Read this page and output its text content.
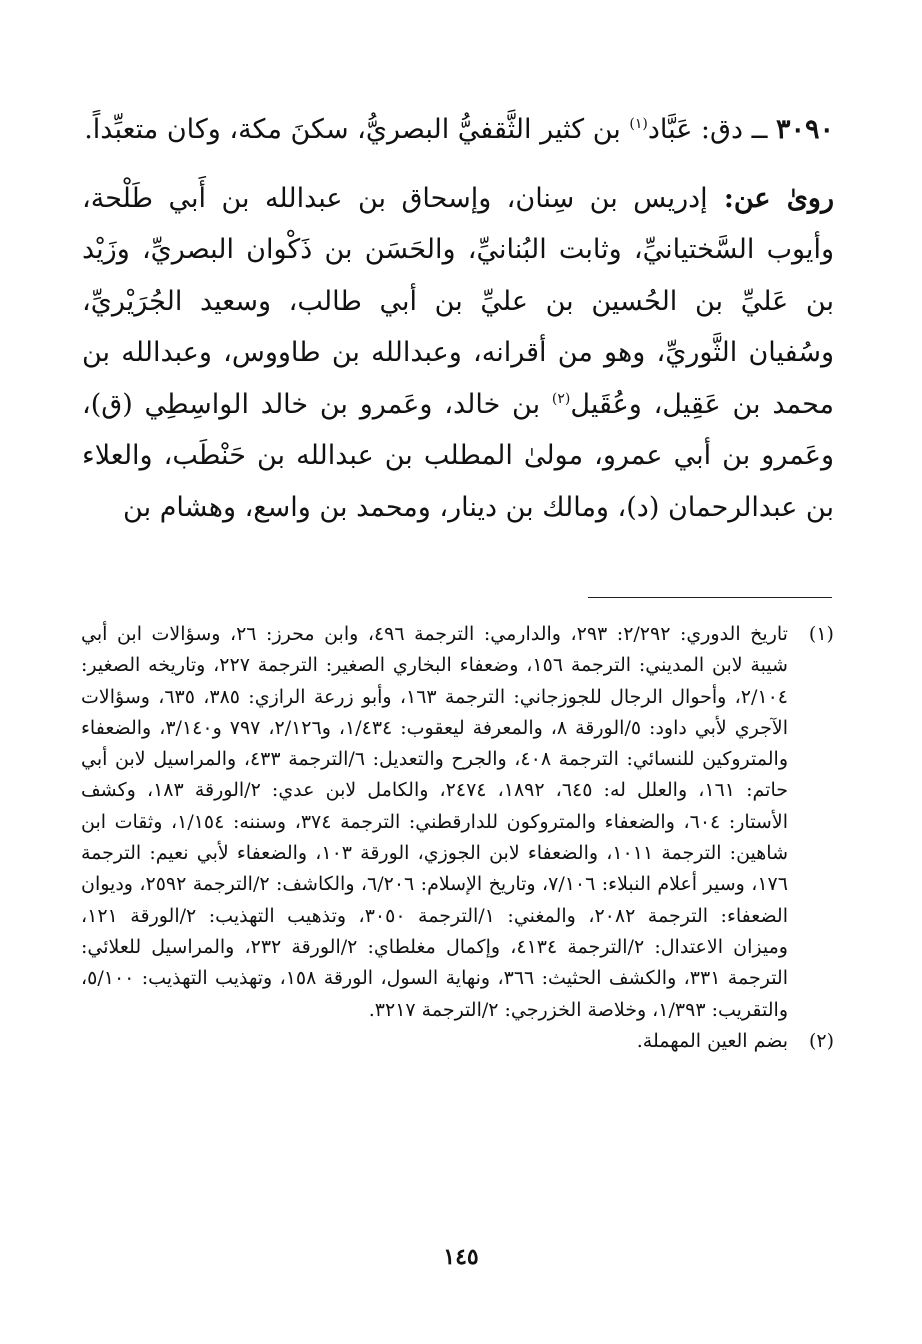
٣٠٩٠ ــ دق: عَبَّاد$^{(١)}$ بن كثير الثَّقفيُّ البصريُّ، سكنَ مكة، وكان متعبِّداً.

روىٰ عن: إدريس بن سِنان، وإسحاق بن عبدالله بن أَبي طَلْحة، وأيوب السَّختيانيِّ، وثابت البُنانيِّ، والحَسَن بن ذَكْوان البصريِّ، وزَيْد بن عَليِّ بن الحُسين بن عليِّ بن أبي طالب، وسعيد الجُرَيْريِّ، وسُفيان الثَّوريِّ، وهو من أقرانه، وعبدالله بن طاووس، وعبدالله بن محمد بن عَقِيل، وعُقَيل$^{(٢)}$ بن خالد، وعَمرو بن خالد الواسِطِي (ق)، وعَمرو بن أبي عمرو، مولىٰ المطلب بن عبدالله بن حَنْطَب، والعلاء بن عبدالرحمان (د)، ومالك بن دينار، ومحمد بن واسع، وهشام بن

(١)تاريخ الدوري: ٢/٢٩٢: ٢٩٣، والدارمي: الترجمة ٤٩٦، وابن محرز: ٢٦، وسؤالات ابن أبي شيبة لابن المديني: الترجمة ١٥٦، وضعفاء البخاري الصغير: الترجمة ٢٢٧، وتاريخه الصغير: ٢/١٠٤، وأحوال الرجال للجوزجاني: الترجمة ١٦٣، وأبو زرعة الرازي: ٣٨٥، ٦٣٥، وسؤالات الآجري لأبي داود: ٥/الورقة ٨، والمعرفة ليعقوب: ١/٤٣٤، و٢/١٢٦، ٧٩٧ و٣/١٤٠، والضعفاء والمتروكين للنسائي: الترجمة ٤٠٨، والجرح والتعديل: ٦/الترجمة ٤٣٣، والمراسيل لابن أبي حاتم: ١٦١، والعلل له: ٦٤٥، ١٨٩٢، ٢٤٧٤، والكامل لابن عدي: ٢/الورقة ١٨٣، وكشف الأستار: ٦٠٤، والضعفاء والمتروكون للدارقطني: الترجمة ٣٧٤، وسننه: ١/١٥٤، وثقات ابن شاهين: الترجمة ١٠١١، والضعفاء لابن الجوزي، الورقة ١٠٣، والضعفاء لأبي نعيم: الترجمة ١٧٦، وسير أعلام النبلاء: ٧/١٠٦، وتاريخ الإسلام: ٦/٢٠٦، والكاشف: ٢/الترجمة ٢٥٩٢، وديوان الضعفاء: الترجمة ٢٠٨٢، والمغني: ١/الترجمة ٣٠٥٠، وتذهيب التهذيب: ٢/الورقة ١٢١، وميزان الاعتدال: ٢/الترجمة ٤١٣٤، وإكمال مغلطاي: ٢/الورقة ٢٣٢، والمراسيل للعلائي: الترجمة ٣٣١، والكشف الحثيث: ٣٦٦، ونهاية السول، الورقة ١٥٨، وتهذيب التهذيب: ٥/١٠٠، والتقريب: ١/٣٩٣، وخلاصة الخزرجي: ٢/الترجمة ٣٢١٧.

(٢)بضم العين المهملة.

١٤٥
